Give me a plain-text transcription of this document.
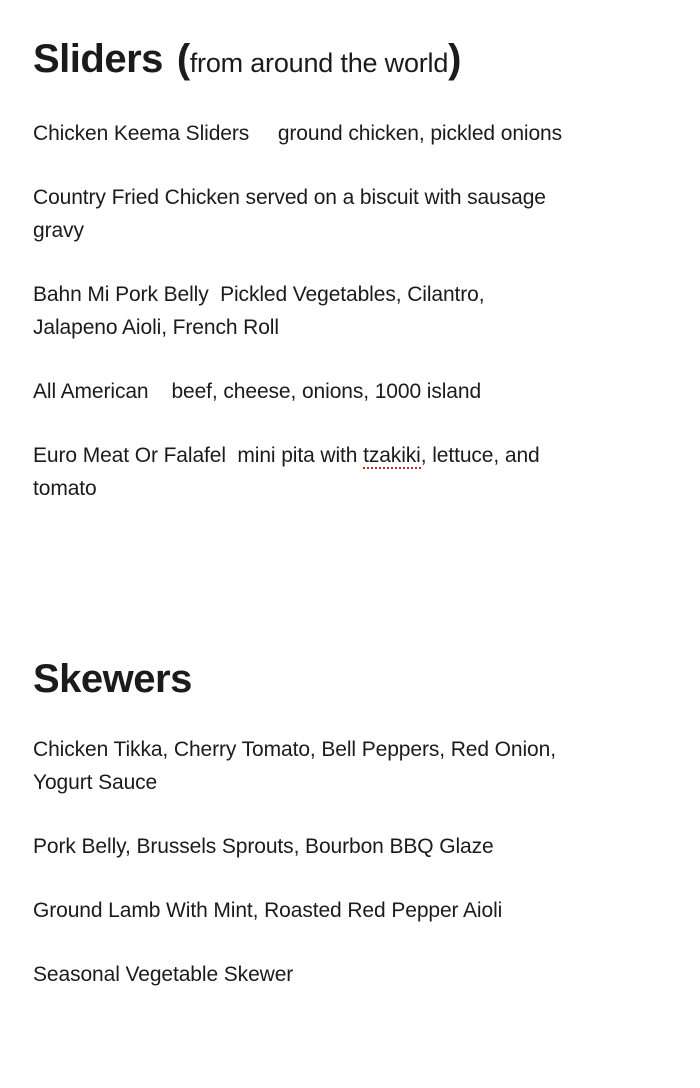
Sliders (from around the world)
Chicken Keema Sliders     ground chicken, pickled onions
Country Fried Chicken served on a biscuit with sausage
gravy
Bahn Mi Pork Belly  Pickled Vegetables, Cilantro,
Jalapeno Aioli, French Roll
All American    beef, cheese, onions, 1000 island
Euro Meat Or Falafel  mini pita with tzakiki, lettuce, and
tomato
Skewers
Chicken Tikka, Cherry Tomato, Bell Peppers, Red Onion,
Yogurt Sauce
Pork Belly, Brussels Sprouts, Bourbon BBQ Glaze
Ground Lamb With Mint, Roasted Red Pepper Aioli
Seasonal Vegetable Skewer
